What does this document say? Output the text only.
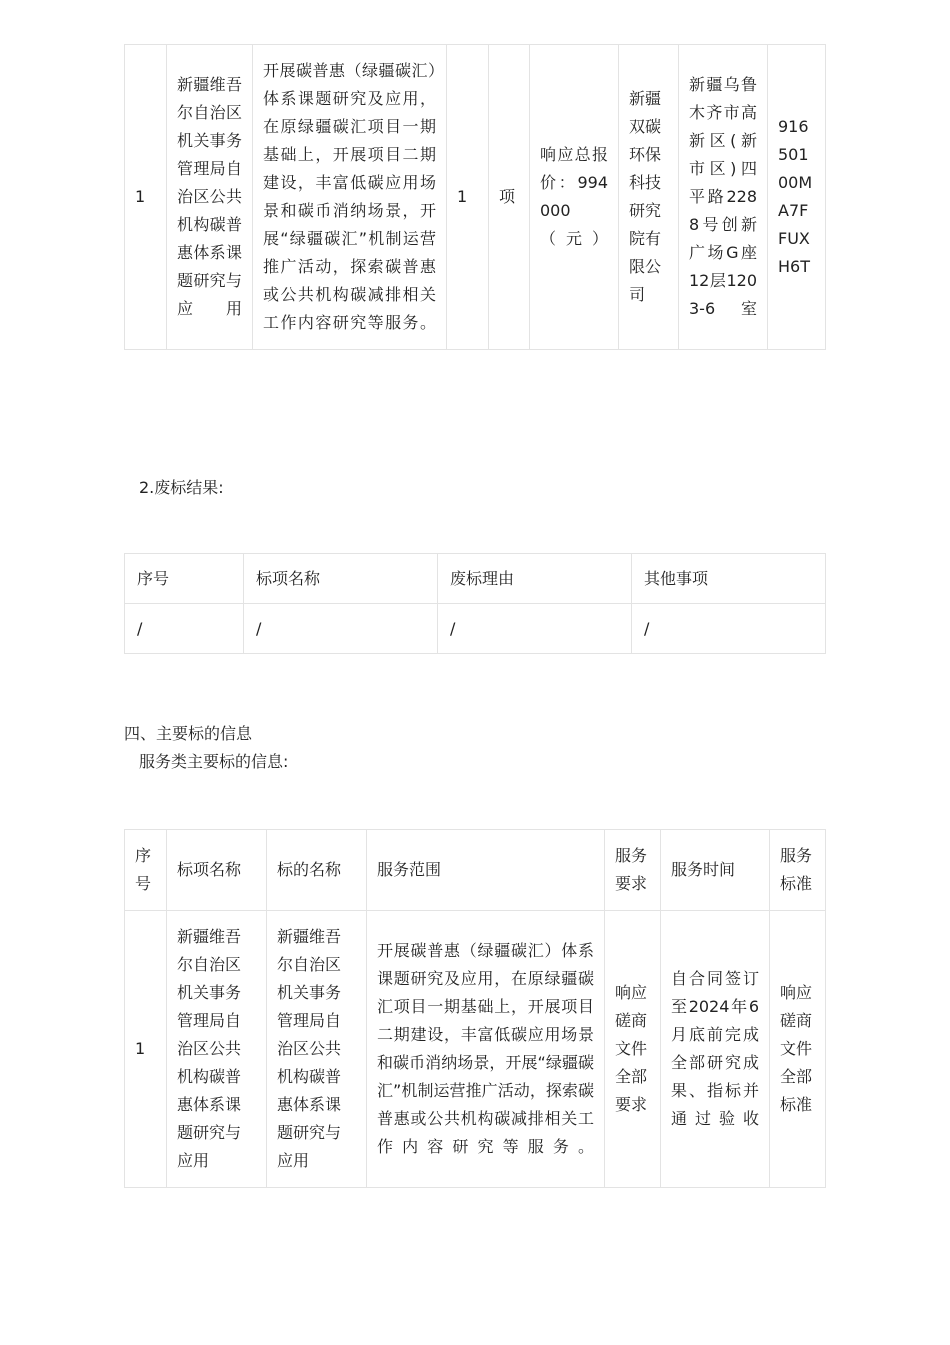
1	新疆维吾尔自治区机关事务管理局自治区公共机构碳普惠体系课题研究与应用	开展碳普惠（绿疆碳汇）体系课题研究及应用，在原绿疆碳汇项目一期基础上，开展项目二期建设，丰富低碳应用场景和碳币消纳场景，开展“绿疆碳汇”机制运营推广活动，探索碳普惠或公共机构碳减排相关工作内容研究等服务。	1	项	响应总报价：994000（元）	新疆双碳环保科技研究院有限公司	新疆乌鲁木齐市高新区(新市区)四平路2288号创新广场G座12层1203-6室	91650100MA7FFUXH6T
2.废标结果:
序号	标项名称	废标理由	其他事项
/	/	/	/
四、主要标的信息
服务类主要标的信息:
序号	标项名称	标的名称	服务范围	服务要求	服务时间	服务标准
1	新疆维吾尔自治区机关事务管理局自治区公共机构碳普惠体系课题研究与应用	新疆维吾尔自治区机关事务管理局自治区公共机构碳普惠体系课题研究与应用	开展碳普惠（绿疆碳汇）体系课题研究及应用，在原绿疆碳汇项目一期基础上，开展项目二期建设，丰富低碳应用场景和碳币消纳场景，开展“绿疆碳汇”机制运营推广活动，探索碳普惠或公共机构碳减排相关工作内容研究等服务。	响应磋商文件全部要求	自合同签订至2024年6月底前完成全部研究成果、指标并通过验收	响应磋商文件全部标准
